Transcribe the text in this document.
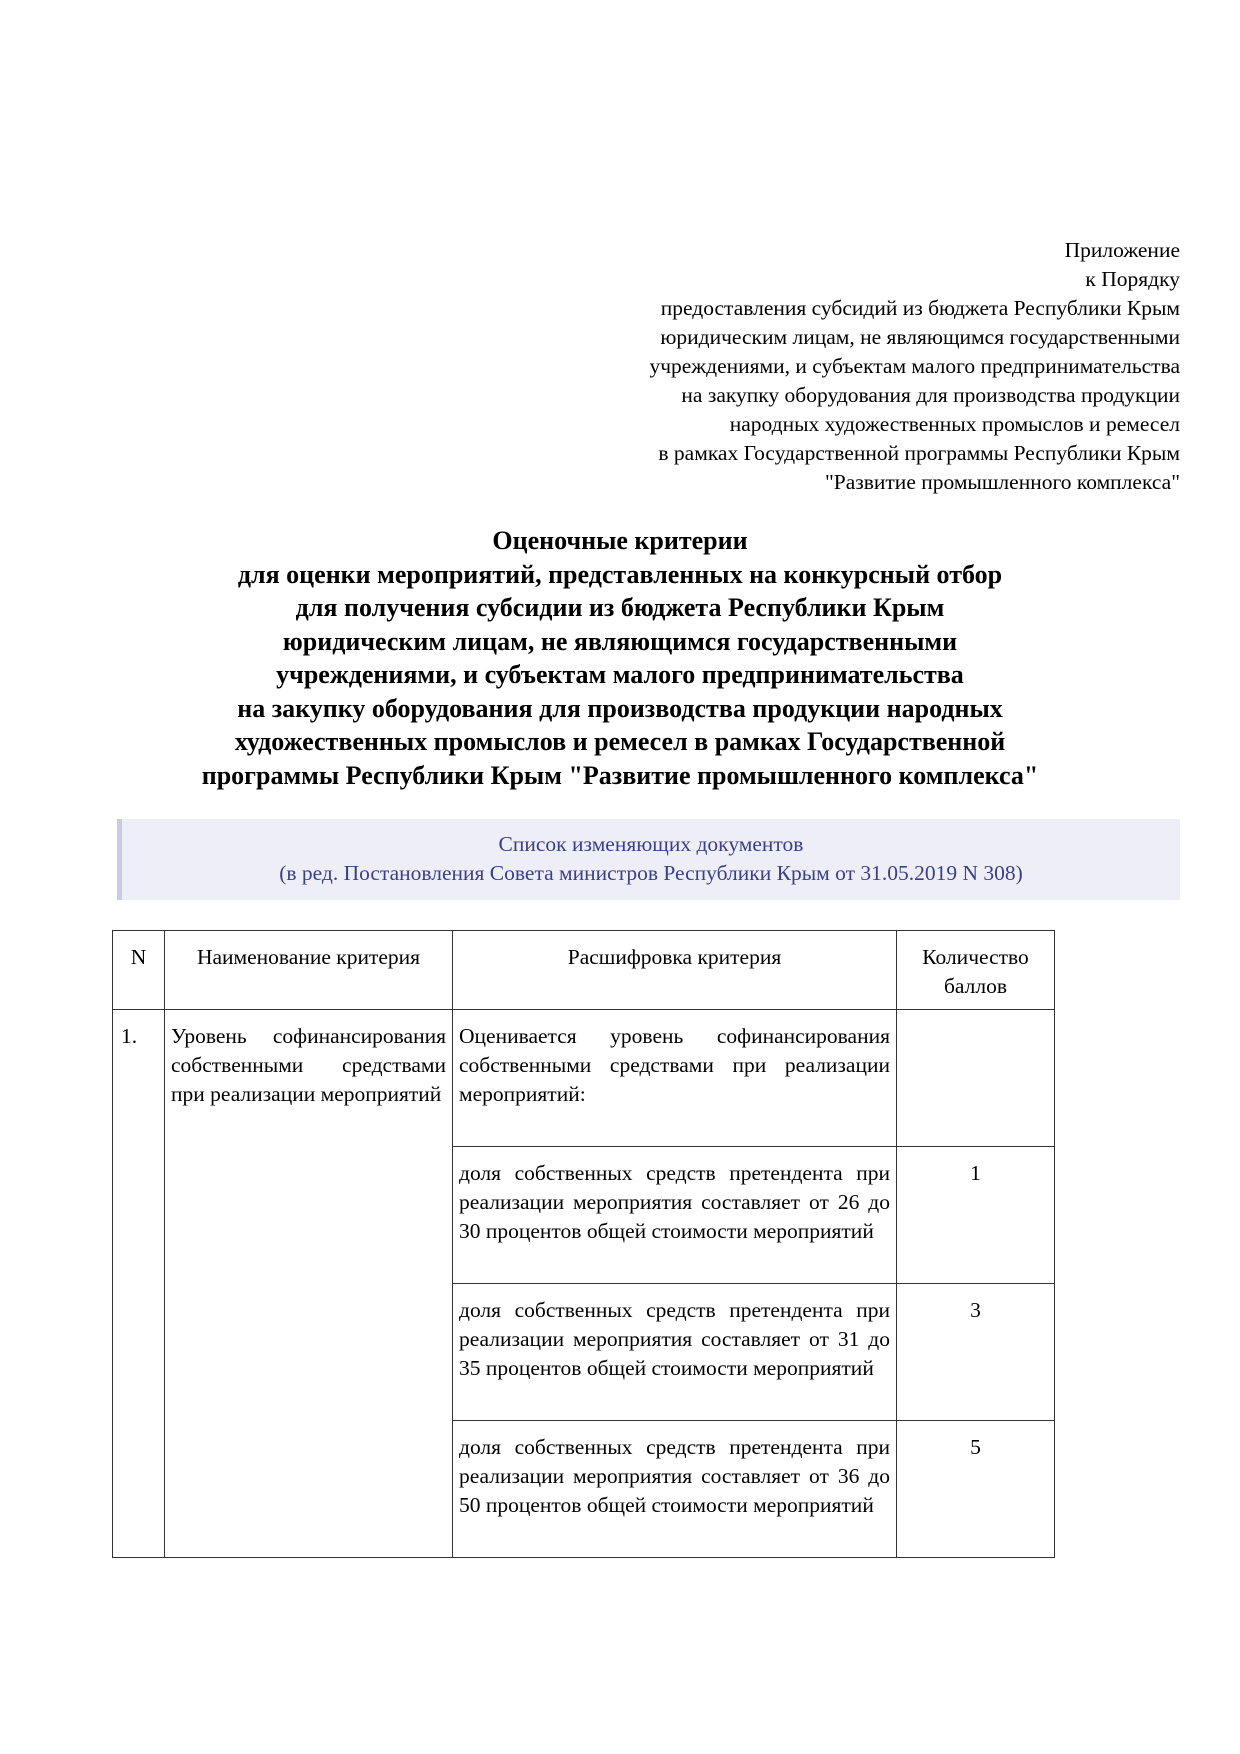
Приложение
к Порядку
предоставления субсидий из бюджета Республики Крым
юридическим лицам, не являющимся государственными
учреждениями, и субъектам малого предпринимательства
на закупку оборудования для производства продукции
народных художественных промыслов и ремесел
в рамках Государственной программы Республики Крым
"Развитие промышленного комплекса"
Оценочные критерии
для оценки мероприятий, представленных на конкурсный отбор
для получения субсидии из бюджета Республики Крым
юридическим лицам, не являющимся государственными
учреждениями, и субъектам малого предпринимательства
на закупку оборудования для производства продукции народных
художественных промыслов и ремесел в рамках Государственной
программы Республики Крым "Развитие промышленного комплекса"
Список изменяющих документов
(в ред. Постановления Совета министров Республики Крым от 31.05.2019 N 308)
N	Наименование критерия	Расшифровка критерия	Количество баллов
1.	Уровень софинансирования собственными средствами при реализации мероприятий	Оценивается уровень софинансирования собственными средствами при реализации мероприятий:	
		доля собственных средств претендента при реализации мероприятия составляет от 26 до 30 процентов общей стоимости мероприятий	1
		доля собственных средств претендента при реализации мероприятия составляет от 31 до 35 процентов общей стоимости мероприятий	3
		доля собственных средств претендента при реализации мероприятия составляет от 36 до 50 процентов общей стоимости мероприятий	5
